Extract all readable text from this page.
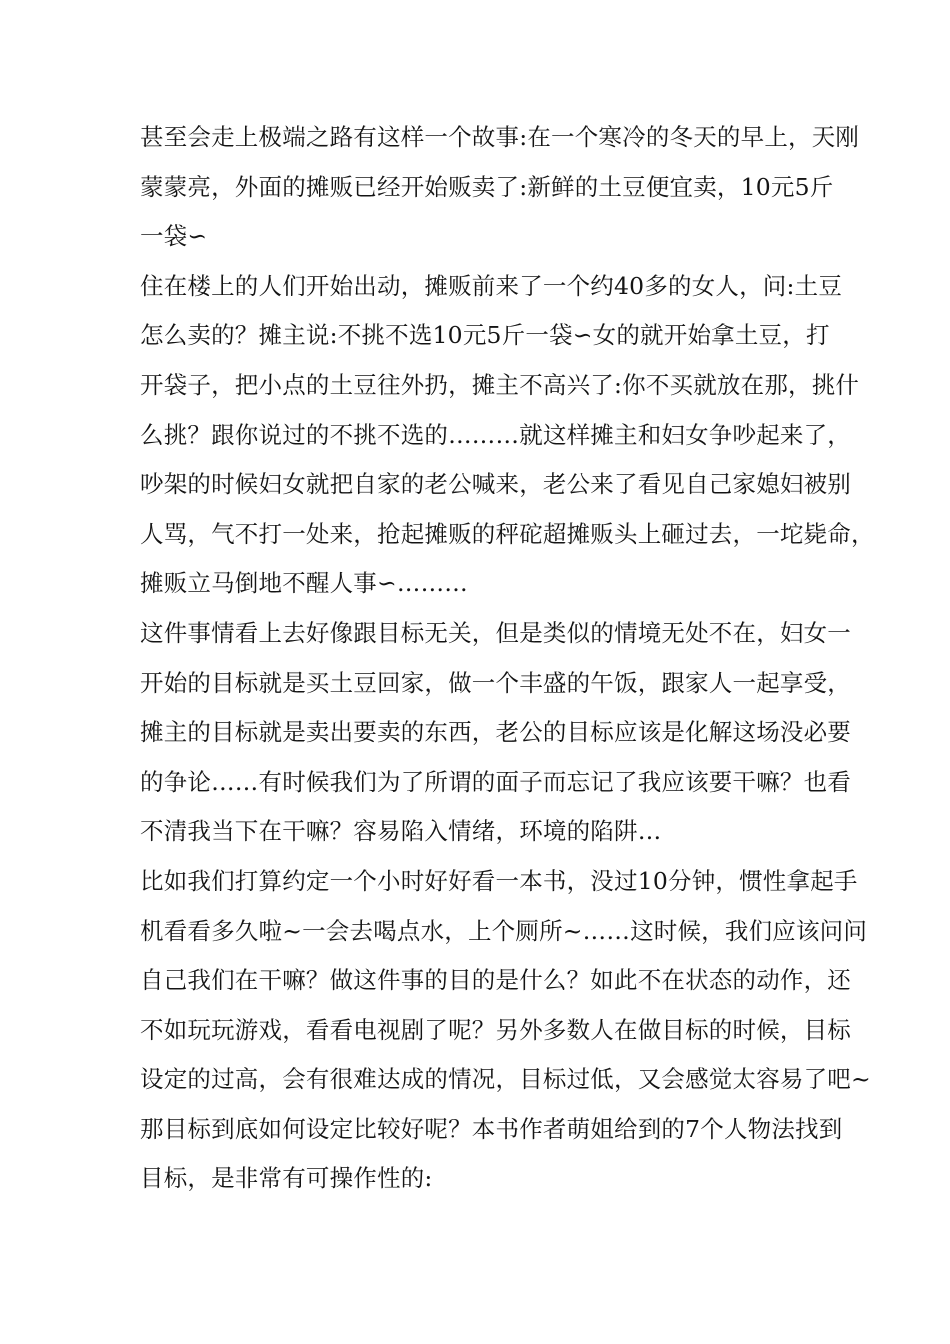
甚至会走上极端之路有这样一个故事:在一个寒冷的冬天的早上，天刚
蒙蒙亮，外面的摊贩已经开始贩卖了:新鲜的土豆便宜卖，10元5斤
一袋∽
住在楼上的人们开始出动，摊贩前来了一个约40多的女人，问:土豆
怎么卖的？摊主说:不挑不选10元5斤一袋∽女的就开始拿土豆，打
开袋子，把小点的土豆往外扔，摊主不高兴了:你不买就放在那，挑什
么挑？跟你说过的不挑不选的………就这样摊主和妇女争吵起来了，
吵架的时候妇女就把自家的老公喊来，老公来了看见自己家媳妇被别
人骂，气不打一处来，抢起摊贩的秤砣超摊贩头上砸过去，一坨毙命，
摊贩立马倒地不醒人事∽………
这件事情看上去好像跟目标无关，但是类似的情境无处不在，妇女一
开始的目标就是买土豆回家，做一个丰盛的午饭，跟家人一起享受，
摊主的目标就是卖出要卖的东西，老公的目标应该是化解这场没必要
的争论……有时候我们为了所谓的面子而忘记了我应该要干嘛？也看
不清我当下在干嘛？容易陷入情绪，环境的陷阱…
比如我们打算约定一个小时好好看一本书，没过10分钟，惯性拿起手
机看看多久啦~一会去喝点水，上个厕所~……这时候，我们应该问问
自己我们在干嘛？做这件事的目的是什么？如此不在状态的动作，还
不如玩玩游戏，看看电视剧了呢？另外多数人在做目标的时候，目标
设定的过高，会有很难达成的情况，目标过低，又会感觉太容易了吧~
那目标到底如何设定比较好呢？本书作者萌姐给到的7个人物法找到
目标，是非常有可操作性的:
